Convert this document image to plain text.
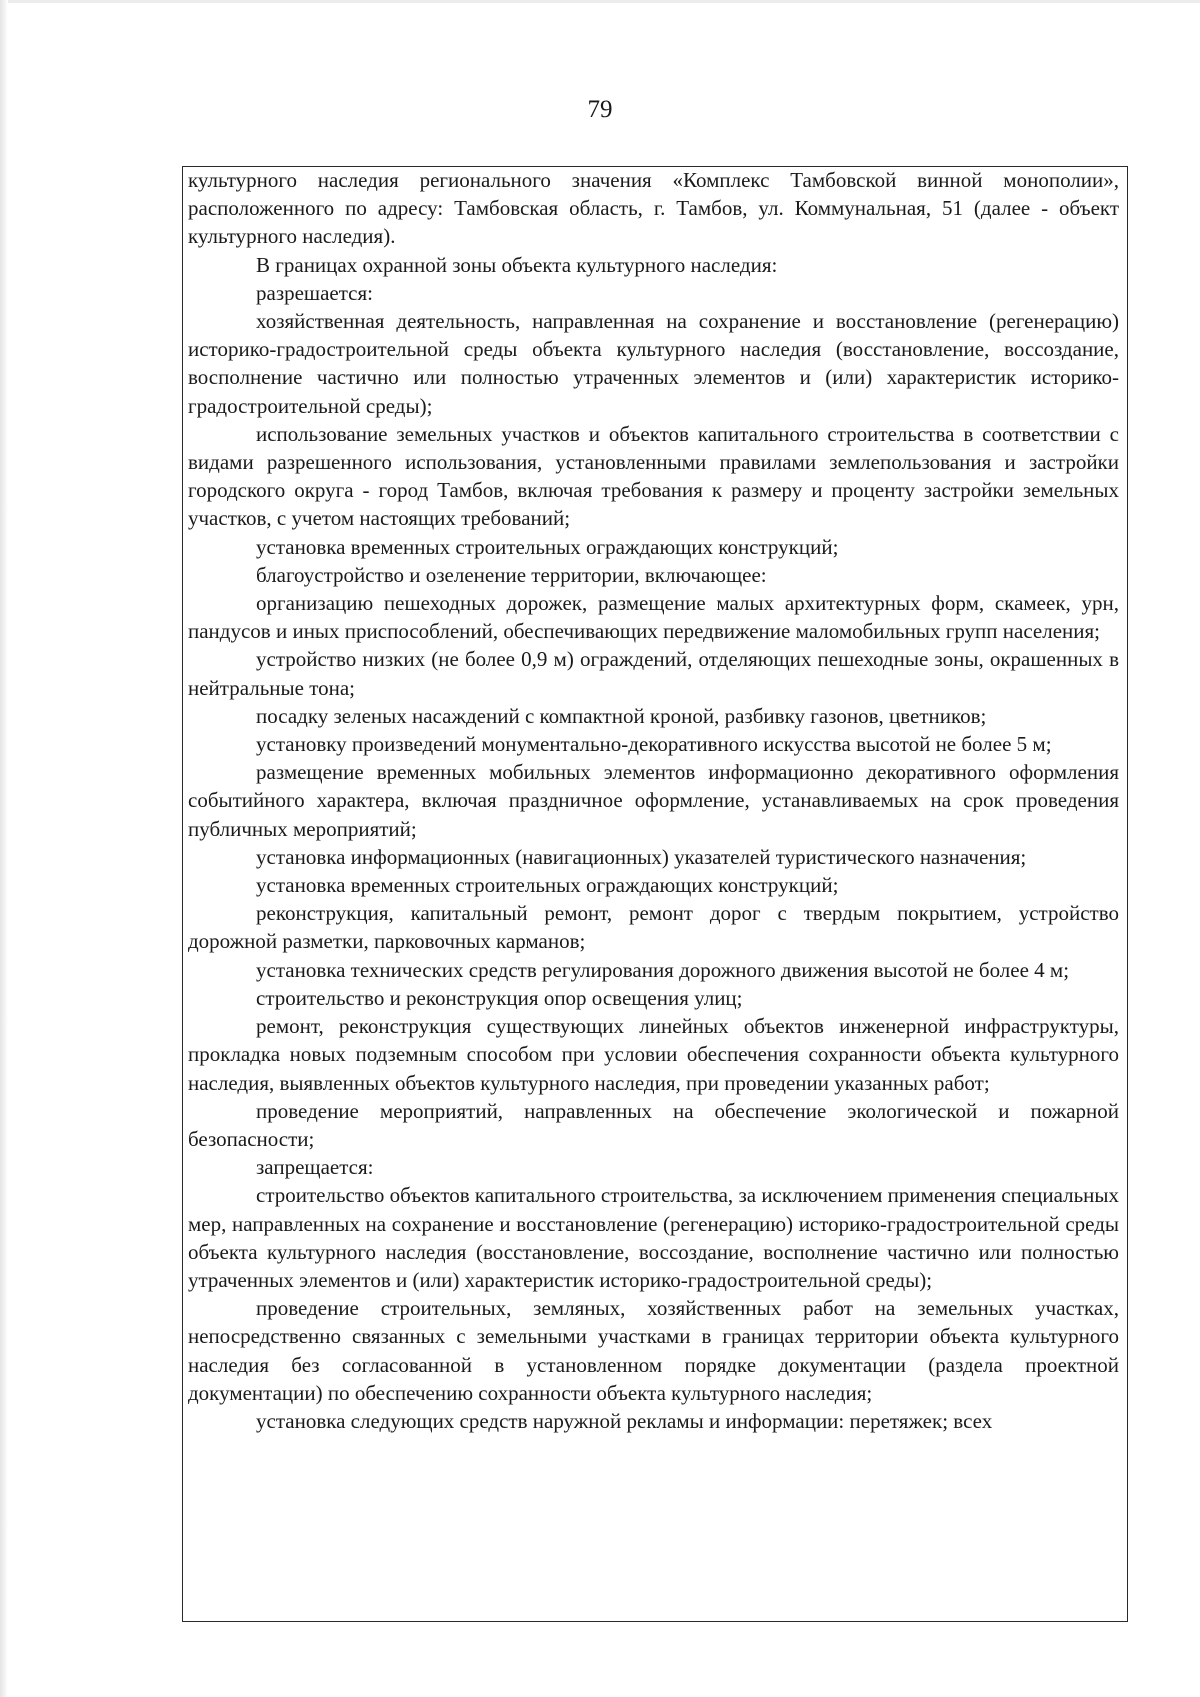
79

культурного наследия регионального значения «Комплекс Тамбовской винной монополии», расположенного по адресу: Тамбовская область, г. Тамбов, ул. Коммунальная, 51 (далее - объект культурного наследия).

В границах охранной зоны объекта культурного наследия:

разрешается:

хозяйственная деятельность, направленная на сохранение и восстановление (регенерацию) историко-градостроительной среды объекта культурного наследия (восстановление, воссоздание, восполнение частично или полностью утраченных элементов и (или) характеристик историко-градостроительной среды);

использование земельных участков и объектов капитального строительства в соответствии с видами разрешенного использования, установленными правилами землепользования и застройки городского округа - город Тамбов, включая требования к размеру и проценту застройки земельных участков, с учетом настоящих требований;

установка временных строительных ограждающих конструкций;

благоустройство и озеленение территории, включающее:

организацию пешеходных дорожек, размещение малых архитектурных форм, скамеек, урн, пандусов и иных приспособлений, обеспечивающих передвижение маломобильных групп населения;

устройство низких (не более 0,9 м) ограждений, отделяющих пешеходные зоны, окрашенных в нейтральные тона;

посадку зеленых насаждений с компактной кроной, разбивку газонов, цветников;

установку произведений монументально-декоративного искусства высотой не более 5 м;

размещение временных мобильных элементов информационно декоративного оформления событийного характера, включая праздничное оформление, устанавливаемых на срок проведения публичных мероприятий;

установка информационных (навигационных) указателей туристического назначения;

установка временных строительных ограждающих конструкций;

реконструкция, капитальный ремонт, ремонт дорог с твердым покрытием, устройство дорожной разметки, парковочных карманов;

установка технических средств регулирования дорожного движения высотой не более 4 м;

строительство и реконструкция опор освещения улиц;

ремонт, реконструкция существующих линейных объектов инженерной инфраструктуры, прокладка новых подземным способом при условии обеспечения сохранности объекта культурного наследия, выявленных объектов культурного наследия, при проведении указанных работ;

проведение мероприятий, направленных на обеспечение экологической и пожарной безопасности;

запрещается:

строительство объектов капитального строительства, за исключением применения специальных мер, направленных на сохранение и восстановление (регенерацию) историко-градостроительной среды объекта культурного наследия (восстановление, воссоздание, восполнение частично или полностью утраченных элементов и (или) характеристик историко-градостроительной среды);

проведение строительных, земляных, хозяйственных работ на земельных участках, непосредственно связанных с земельными участками в границах территории объекта культурного наследия без согласованной в установленном порядке документации (раздела проектной документации) по обеспечению сохранности объекта культурного наследия;

установка следующих средств наружной рекламы и информации: перетяжек; всех
